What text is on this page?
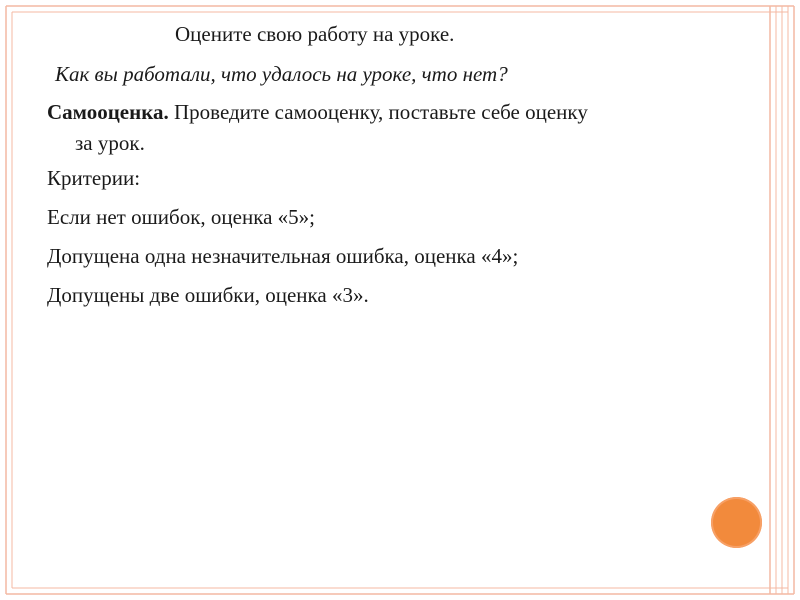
Оцените свою работу на уроке.
Как вы работали, что удалось на уроке, что нет?
Самооценка. Проведите самооценку, поставьте себе оценку
за урок.
Критерии:
Если нет ошибок, оценка «5»;
Допущена одна незначительная ошибка, оценка «4»;
Допущены две ошибки, оценка «3».
